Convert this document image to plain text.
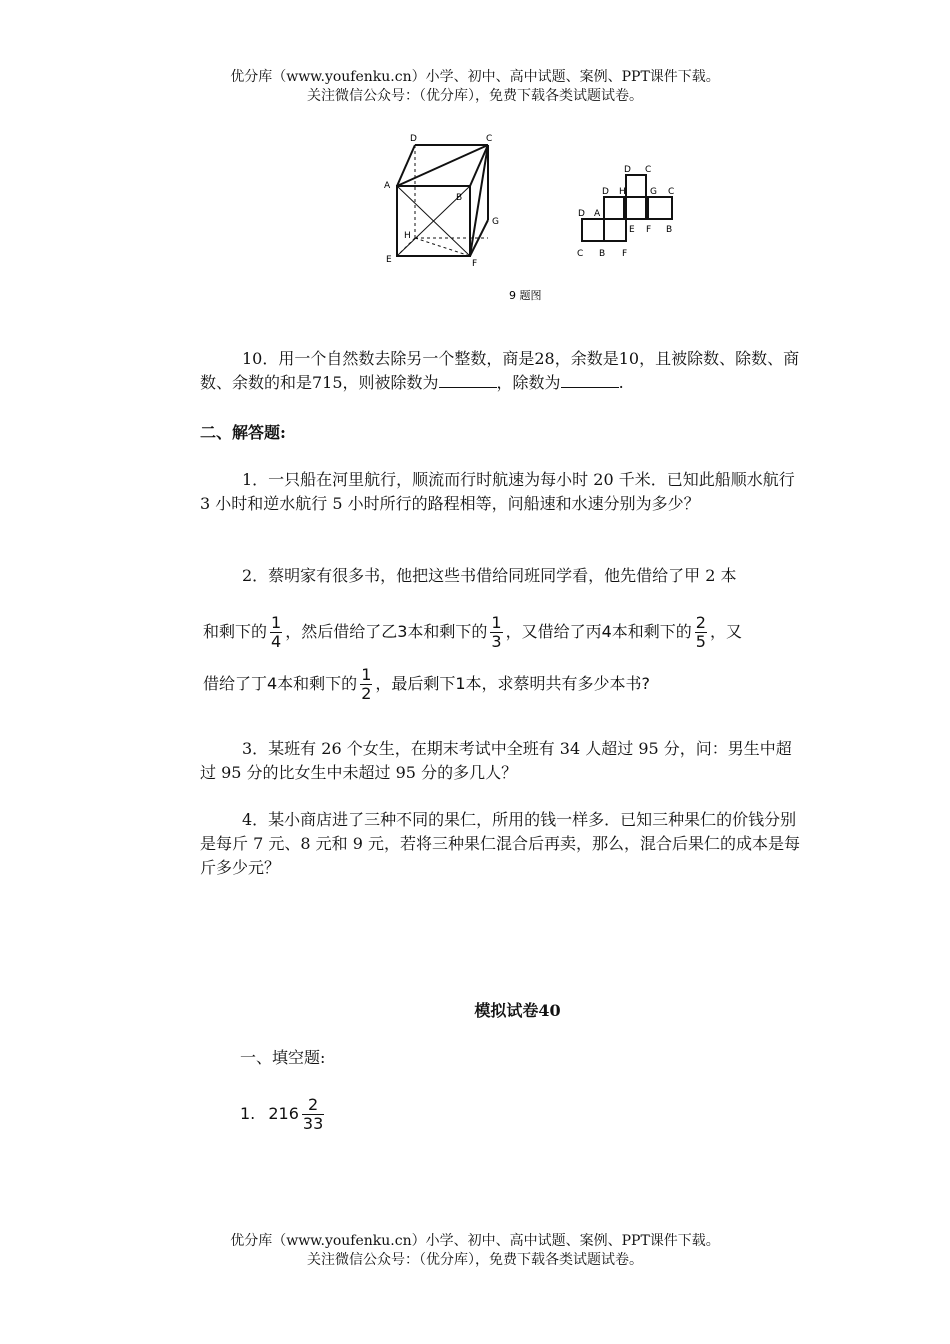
优分库（www.youfenku.cn）小学、初中、高中试题、案例、PPT课件下载。
关注微信公众号：（优分库），免费下载各类试题试卷。
D	C
A
B
G
H
E	F
D C
D H	G C
D A
E F B
C B F
9 题图
10．用一个自然数去除另一个整数，商是28，余数是10，且被除数、除数、商数、余数的和是715，则被除数为	，除数为	.
二、解答题:
1．一只船在河里航行，顺流而行时航速为每小时 20 千米．已知此船顺水航行 3 小时和逆水航行 5 小时所行的路程相等，问船速和水速分别为多少？
2．蔡明家有很多书，他把这些书借给同班同学看，他先借给了甲 2 本
和剩下的 $\frac{1}{4}$ ，然后借给了乙3本和剩下的 $\frac{1}{3}$ ，又借给了丙4本和剩下的 $\frac{2}{5}$ ，又
借给了丁4本和剩下的 $\frac{1}{2}$ ，最后剩下1本，求蔡明共有多少本书?
3．某班有 26 个女生，在期末考试中全班有 34 人超过 95 分，问：男生中超过 95 分的比女生中未超过 95 分的多几人？
4．某小商店进了三种不同的果仁，所用的钱一样多．已知三种果仁的价钱分别是每斤 7 元、8 元和 9 元，若将三种果仁混合后再卖，那么，混合后果仁的成本是每斤多少元？
模拟试卷40
一、填空题:
1. $216 \frac{2}{33}$
优分库（www.youfenku.cn）小学、初中、高中试题、案例、PPT课件下载。
关注微信公众号：（优分库），免费下载各类试题试卷。
